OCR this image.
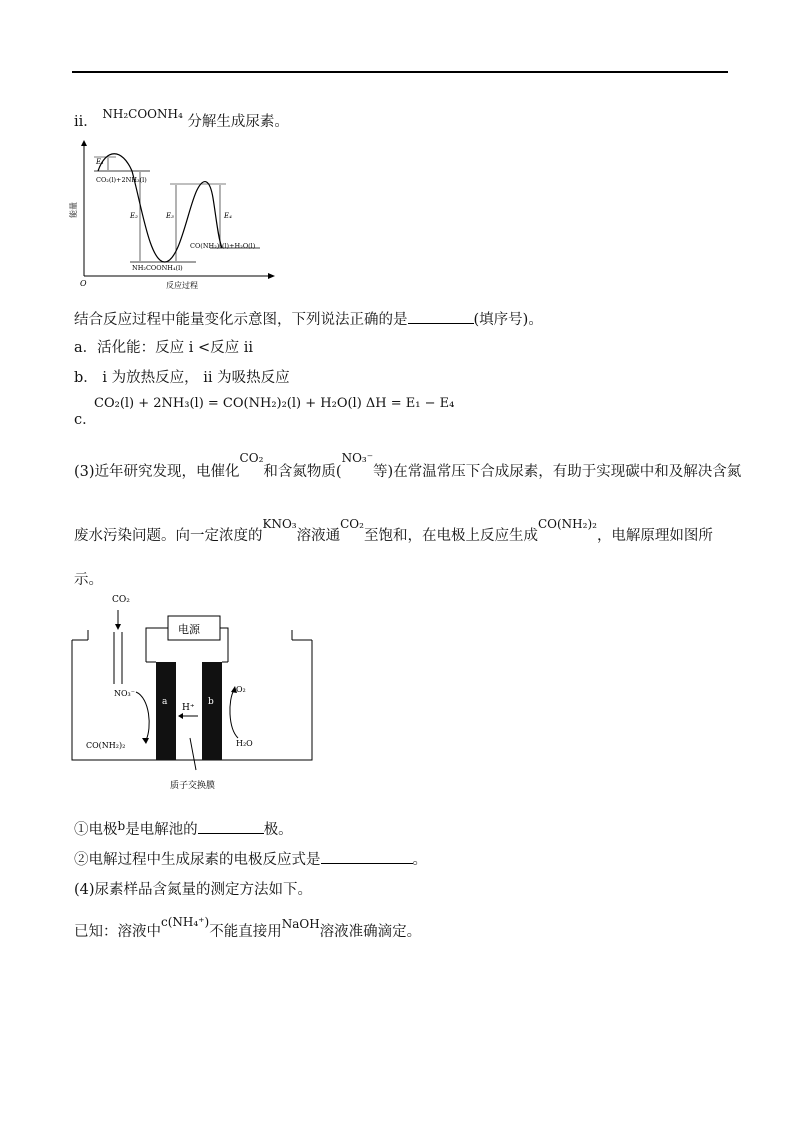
ii． $^{NH_2COONH_4}$ 分解生成尿素。
O
能量
反应过程
E₁
E₂	E₃	E₄
CO₂(l)+2NH₃(l)
NH₂COONH₄(l)
CO(NH₂)₂(l)+H₂O(l)
结合反应过程中能量变化示意图，下列说法正确的是	(填序号)。
a．活化能：反应 i <反应 ii
b． i 为放热反应， ii 为吸热反应
c．
CO₂(l) + 2NH₃(l) = CO(NH₂)₂(l) + H₂O(l) ΔH = E₁ − E₄
(3)近年研究发现，电催化$^{CO_2}$和含氮物质($^{NO_3^-}$等)在常温常压下合成尿素，有助于实现碳中和及解决含氮
废水污染问题。向一定浓度的$^{KNO_3}$溶液通$^{CO_2}$至饱和，在电极上反应生成$^{CO(NH_2)_2}$，电解原理如图所
示。
CO₂
电源
a	b
H⁺
NO₃⁻
CO(NH₂)₂
O₂
H₂O
质子交换膜
①电极$^b$是电解池的	极。
②电解过程中生成尿素的电极反应式是	。
(4)尿素样品含氮量的测定方法如下。
已知：溶液中$^{c(NH_4^+)}$不能直接用$^{NaOH}$溶液准确滴定。
